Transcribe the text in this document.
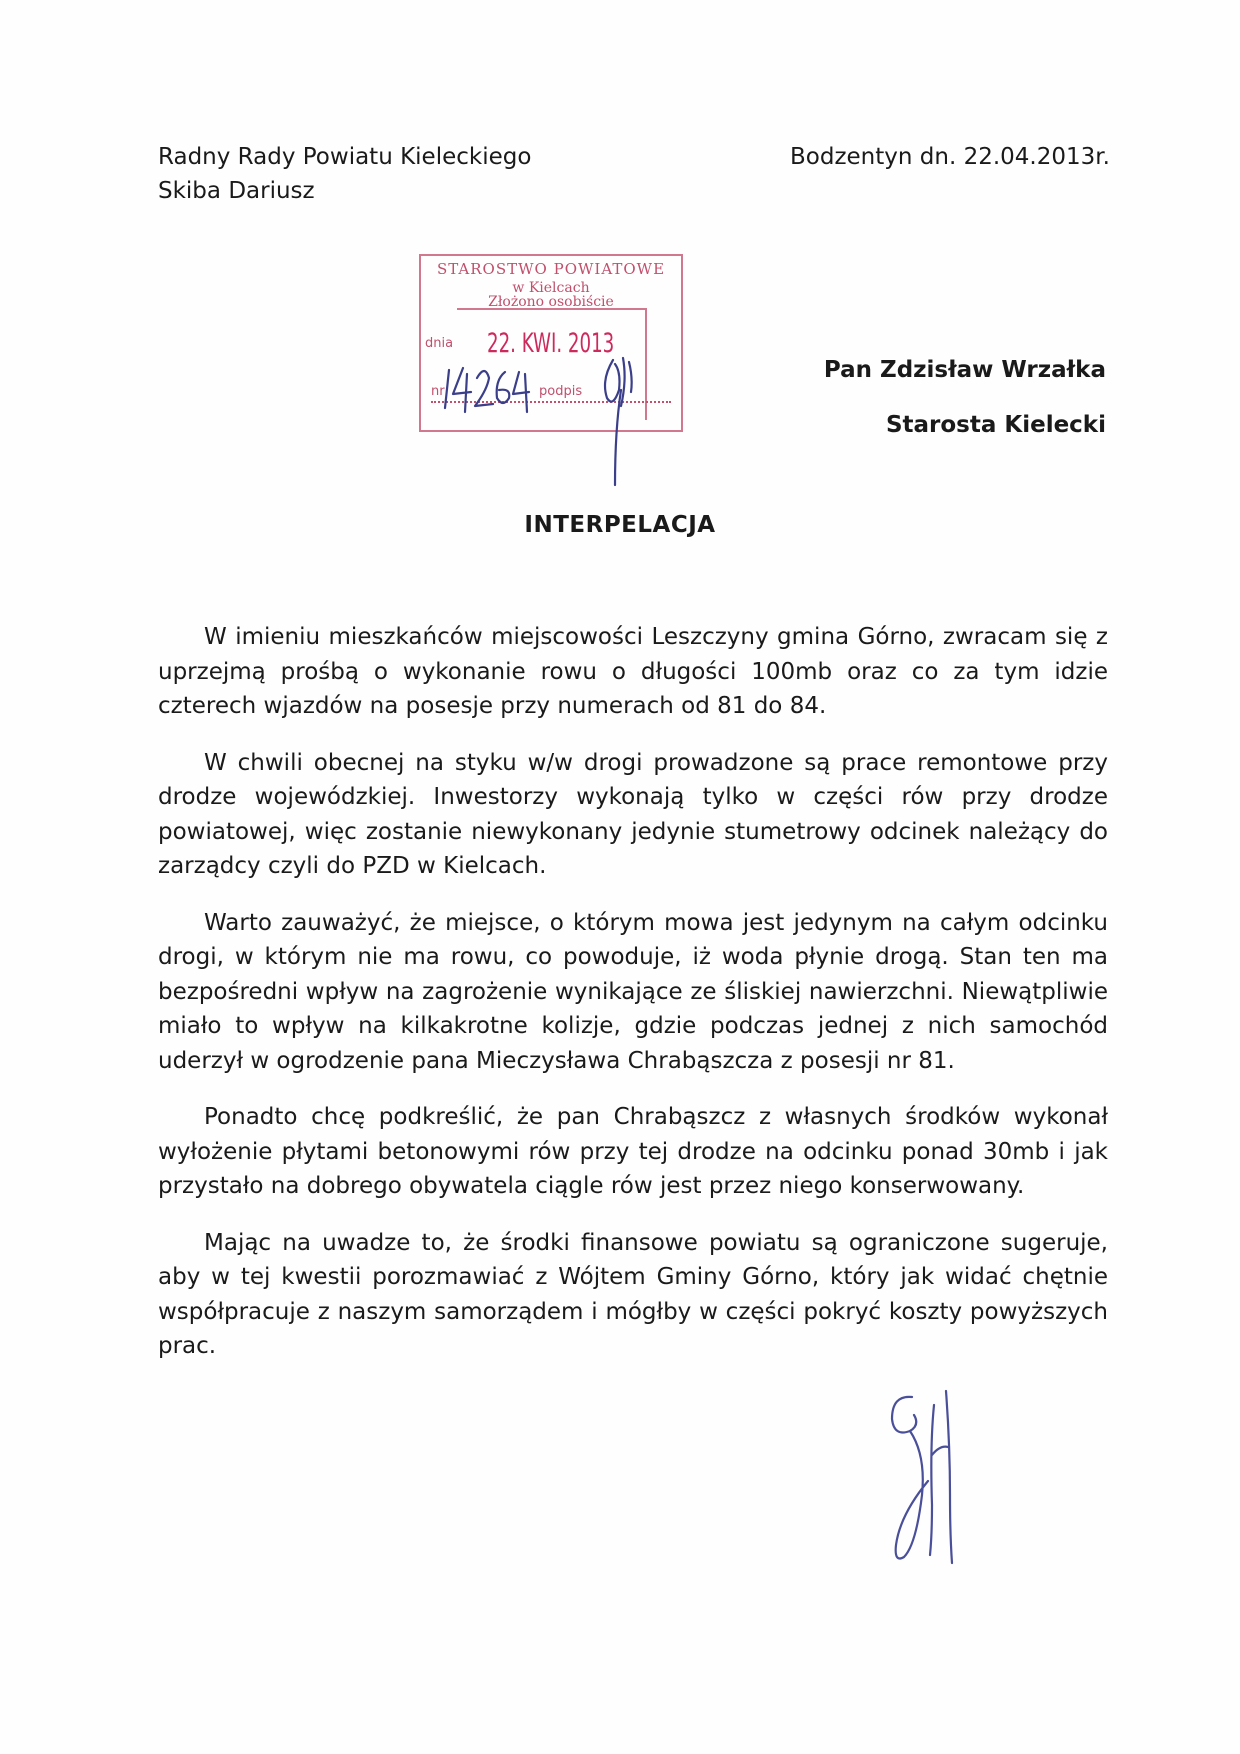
Radny Rady Powiatu Kieleckiego
Skiba Dariusz
Bodzentyn dn. 22.04.2013r.
STAROSTWO POWIATOWE
w Kielcach
Złożono osobiście
dnia 22. KWI. 2013
nr	podpis
Pan Zdzisław Wrzałka
Starosta Kielecki
INTERPELACJA

W imieniu mieszkańców miejscowości Leszczyny gmina Górno, zwracam się z uprzejmą prośbą o wykonanie rowu o długości 100mb oraz co za tym idzie czterech wjazdów na posesje przy numerach od 81 do 84.

W chwili obecnej na styku w/w drogi prowadzone są prace remontowe przy drodze wojewódzkiej. Inwestorzy wykonają tylko w części rów przy drodze powiatowej, więc zostanie niewykonany jedynie stumetrowy odcinek należący do zarządcy czyli do PZD w Kielcach.

Warto zauważyć, że miejsce, o którym mowa jest jedynym na całym odcinku drogi, w którym nie ma rowu, co powoduje, iż woda płynie drogą. Stan ten ma bezpośredni wpływ na zagrożenie wynikające ze śliskiej nawierzchni. Niewątpliwie miało to wpływ na kilkakrotne kolizje, gdzie podczas jednej z nich samochód uderzył w ogrodzenie pana Mieczysława Chrabąszcza z posesji nr 81.

Ponadto chcę podkreślić, że pan Chrabąszcz z własnych środków wykonał wyłożenie płytami betonowymi rów przy tej drodze na odcinku ponad 30mb i jak przystało na dobrego obywatela ciągle rów jest przez niego konserwowany.

Mając na uwadze to, że środki finansowe powiatu są ograniczone sugeruje, aby w tej kwestii porozmawiać z Wójtem Gminy Górno, który jak widać chętnie współpracuje z naszym samorządem i mógłby w części pokryć koszty powyższych prac.
